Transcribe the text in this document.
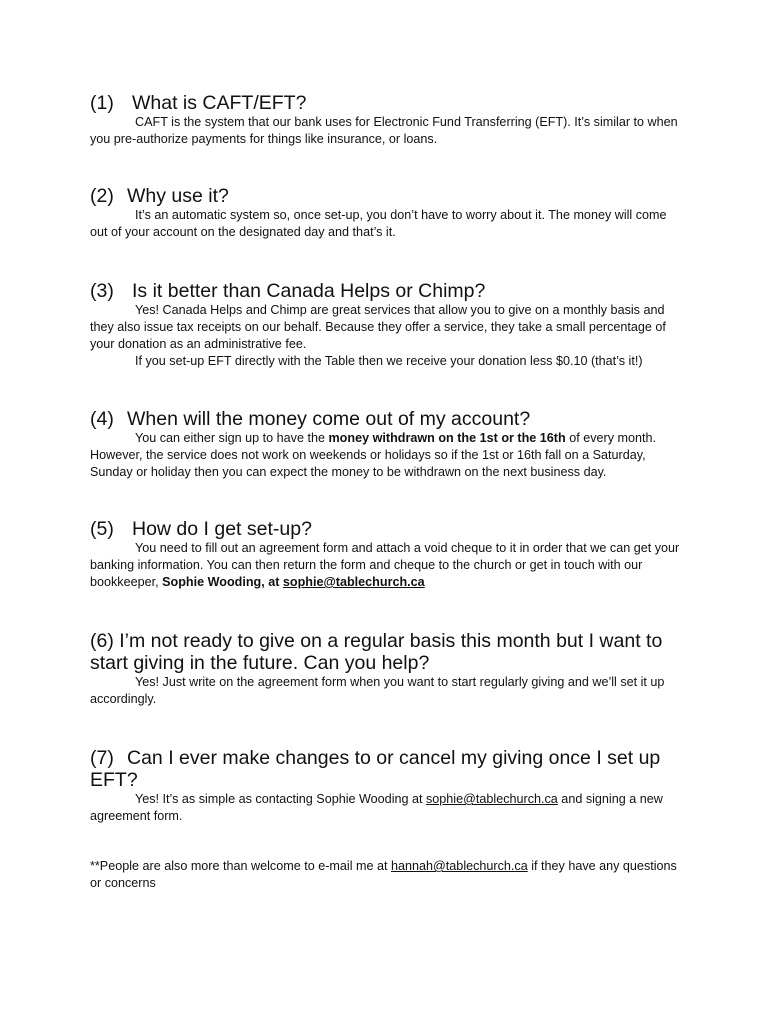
(1) What is CAFT/EFT?

CAFT is the system that our bank uses for Electronic Fund Transferring (EFT). It’s similar to when you pre-authorize payments for things like insurance, or loans.

(2) Why use it?

It’s an automatic system so, once set-up, you don’t have to worry about it. The money will come out of your account on the designated day and that’s it.

(3) Is it better than Canada Helps or Chimp?

Yes! Canada Helps and Chimp are great services that allow you to give on a monthly basis and they also issue tax receipts on our behalf. Because they offer a service, they take a small percentage of your donation as an administrative fee.

If you set-up EFT directly with the Table then we receive your donation less $0.10 (that’s it!)

(4) When will the money come out of my account?

You can either sign up to have the money withdrawn on the 1st or the 16th of every month. However, the service does not work on weekends or holidays so if the 1st or 16th fall on a Saturday, Sunday or holiday then you can expect the money to be withdrawn on the next business day.

(5) How do I get set-up?

You need to fill out an agreement form and attach a void cheque to it in order that we can get your banking information. You can then return the form and cheque to the church or get in touch with our bookkeeper, Sophie Wooding, at sophie@tablechurch.ca

(6) I’m not ready to give on a regular basis this month but I want to start giving in the future. Can you help?

Yes! Just write on the agreement form when you want to start regularly giving and we’ll set it up accordingly.

(7) Can I ever make changes to or cancel my giving once I set up EFT?

Yes! It’s as simple as contacting Sophie Wooding at sophie@tablechurch.ca and signing a new agreement form.

**People are also more than welcome to e-mail me at hannah@tablechurch.ca if they have any questions or concerns
